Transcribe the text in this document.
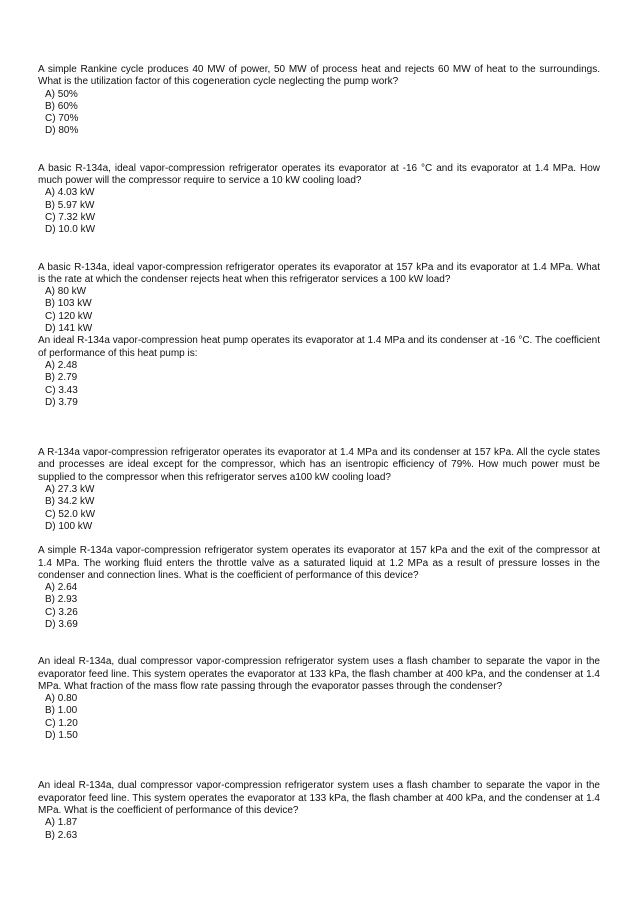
A simple Rankine cycle produces 40 MW of power, 50 MW of process heat and rejects 60 MW of heat to the surroundings. What is the utilization factor of this cogeneration cycle neglecting the pump work?

A) 50%
B) 60%
C) 70%
D) 80%

A basic R-134a, ideal vapor-compression refrigerator operates its evaporator at -16 °C and its evaporator at 1.4 MPa. How much power will the compressor require to service a 10 kW cooling load?

A) 4.03 kW
B) 5.97 kW
C) 7.32 kW
D) 10.0 kW

A basic R-134a, ideal vapor-compression refrigerator operates its evaporator at 157 kPa and its evaporator at 1.4 MPa. What is the rate at which the condenser rejects heat when this refrigerator services a 100 kW load?

A) 80 kW
B) 103 kW
C) 120 kW
D) 141 kW

An ideal R-134a vapor-compression heat pump operates its evaporator at 1.4 MPa and its condenser at -16 °C. The coefficient of performance of this heat pump is:

A) 2.48
B) 2.79
C) 3.43
D) 3.79

A R-134a vapor-compression refrigerator operates its evaporator at 1.4 MPa and its condenser at 157 kPa. All the cycle states and processes are ideal except for the compressor, which has an isentropic efficiency of 79%. How much power must be supplied to the compressor when this refrigerator serves a100 kW cooling load?

A) 27.3 kW
B) 34.2 kW
C) 52.0 kW
D) 100 kW

A simple R-134a vapor-compression refrigerator system operates its evaporator at 157 kPa and the exit of the compressor at 1.4 MPa. The working fluid enters the throttle valve as a saturated liquid at 1.2 MPa as a result of pressure losses in the condenser and connection lines. What is the coefficient of performance of this device?

A) 2.64
B) 2.93
C) 3.26
D) 3.69

An ideal R-134a, dual compressor vapor-compression refrigerator system uses a flash chamber to separate the vapor in the evaporator feed line. This system operates the evaporator at 133 kPa, the flash chamber at 400 kPa, and the condenser at 1.4 MPa. What fraction of the mass flow rate passing through the evaporator passes through the condenser?

A) 0.80
B) 1.00
C) 1.20
D) 1.50

An ideal R-134a, dual compressor vapor-compression refrigerator system uses a flash chamber to separate the vapor in the evaporator feed line. This system operates the evaporator at 133 kPa, the flash chamber at 400 kPa, and the condenser at 1.4 MPa. What is the coefficient of performance of this device?

A) 1.87
B) 2.63
